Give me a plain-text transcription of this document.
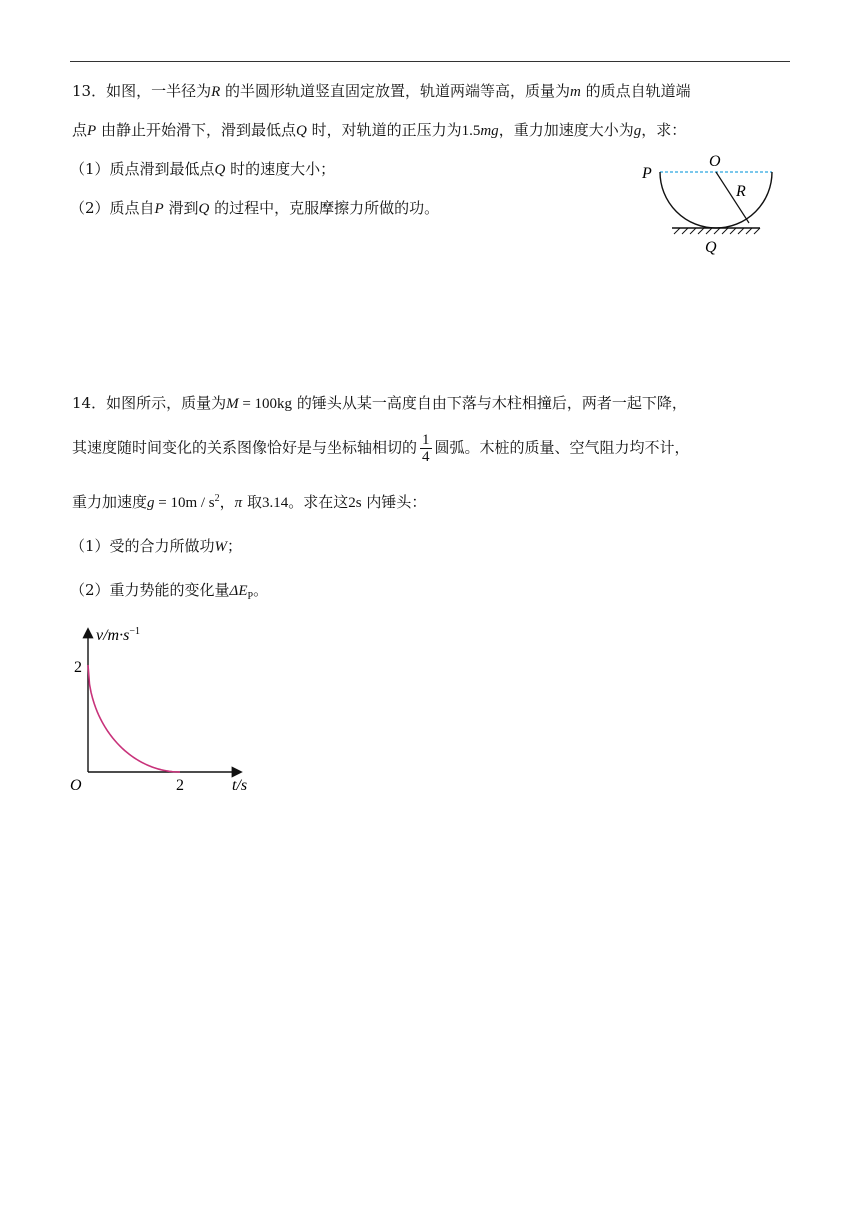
13．如图，一半径为R 的半圆形轨道竖直固定放置，轨道两端等高，质量为m 的质点自轨道端
点P 由静止开始滑下，滑到最低点Q 时，对轨道的正压力为1.5mg，重力加速度大小为g，求：
（1）质点滑到最低点Q 时的速度大小；
（2）质点自P 滑到Q 的过程中，克服摩擦力所做的功。
P
O
R
Q
14．如图所示，质量为M = 100kg 的锤头从某一高度自由下落与木柱相撞后，两者一起下降，
其速度随时间变化的关系图像恰好是与坐标轴相切的 $\frac{1}{4}$ 圆弧。木桩的质量、空气阻力均不计，
重力加速度$g = 10m / s^2$，π 取3.14。求在这2s 内锤头：
（1）受的合力所做功W；
（2）重力势能的变化量$\Delta E_P$。
$v/m\cdot s^{-1}$
2
2
O	t/s
